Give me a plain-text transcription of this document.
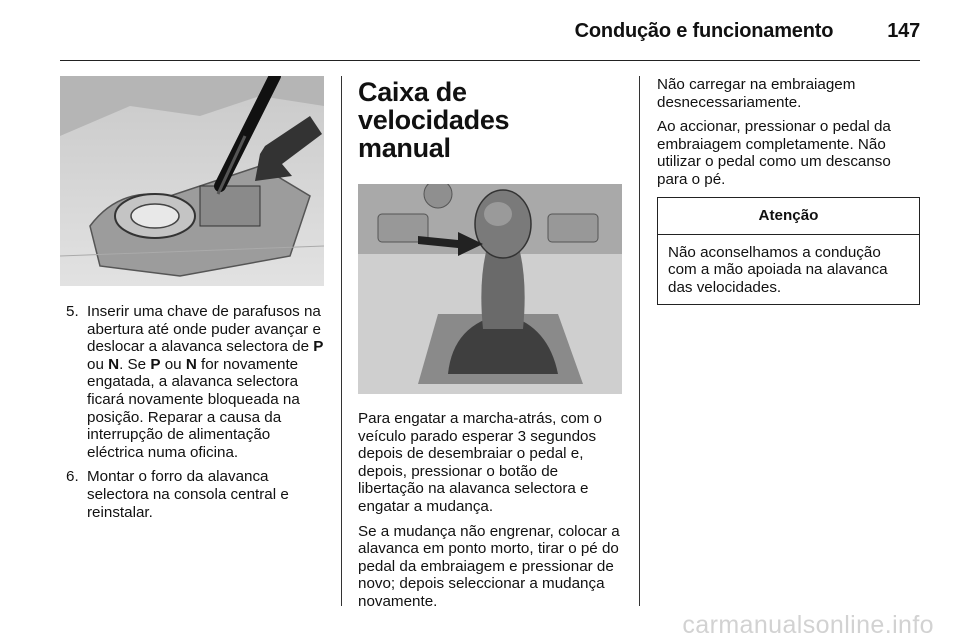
Condução e funcionamento	147
5. Inserir uma chave de parafusos na abertura até onde puder avançar e deslocar a alavanca selectora de P ou N. Se P ou N for novamente engatada, a alavanca selectora ficará novamente bloqueada na posição. Reparar a causa da interrupção de alimentação eléctrica numa oficina.
6. Montar o forro da alavanca selectora na consola central e reinstalar.
Caixa de velocidades
manual

Para engatar a marcha-atrás, com o veículo parado esperar 3 segundos depois de desembraiar o pedal e, depois, pressionar o botão de libertação na alavanca selectora e engatar a mudança.

Se a mudança não engrenar, colocar a alavanca em ponto morto, tirar o pé do pedal da embraiagem e pressionar de novo; depois seleccionar a mudança novamente.

Não carregar na embraiagem desnecessariamente.

Ao accionar, pressionar o pedal da embraiagem completamente. Não utilizar o pedal como um descanso para o pé.

Atenção
Não aconselhamos a condução com a mão apoiada na alavanca das velocidades.
carmanualsonline.info
